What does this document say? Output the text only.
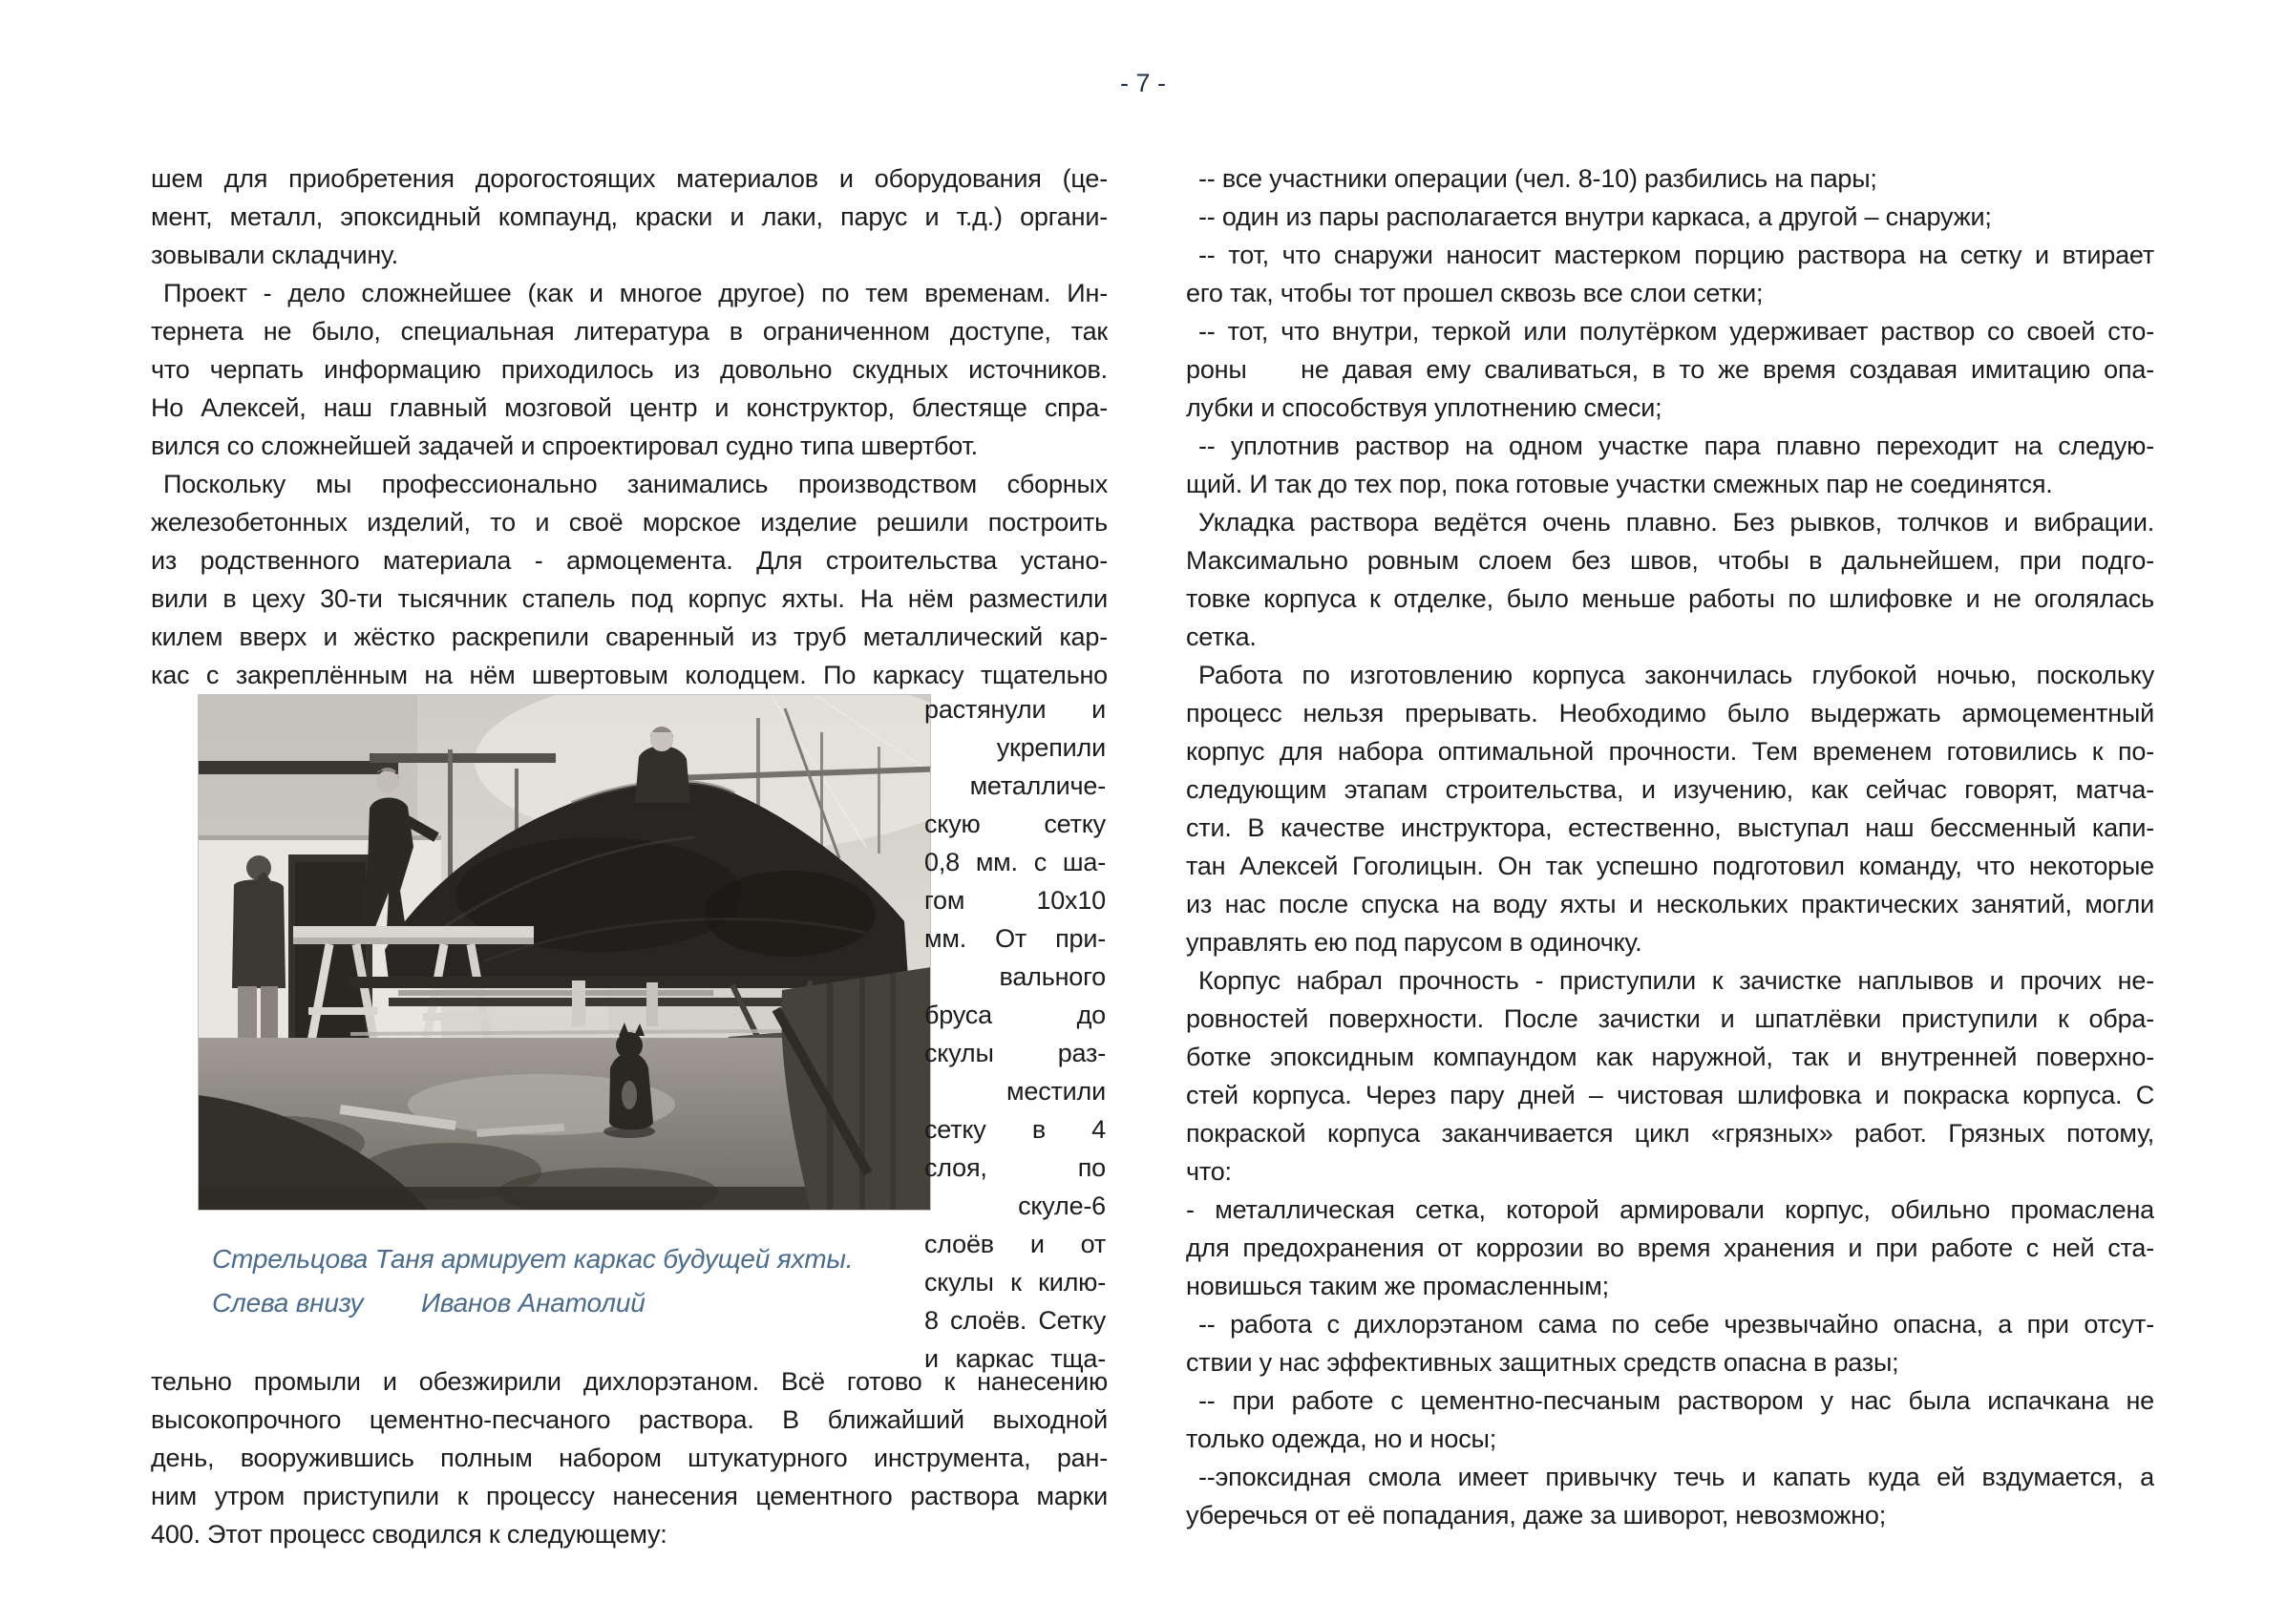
- 7 -
шем для приобретения дорогостоящих материалов и оборудования (це-
мент, металл, эпоксидный компаунд, краски и лаки, парус и т.д.) органи-
зовывали складчину.
Проект - дело сложнейшее (как и многое другое) по тем временам. Ин-
тернета не было, специальная литература в ограниченном доступе, так
что черпать информацию приходилось из довольно скудных источников.
Но Алексей, наш главный мозговой центр и конструктор, блестяще спра-
вился со сложнейшей задачей и спроектировал судно типа швертбот.
Поскольку мы профессионально занимались производством сборных
железобетонных изделий, то и своё морское изделие решили построить
из родственного материала - армоцемента. Для строительства устано-
вили в цеху 30-ти тысячник стапель под корпус яхты. На нём разместили
килем вверх и жёстко раскрепили сваренный из труб металлический кар-
кас с закреплённым на нём швертовым колодцем. По каркасу тщательно
растянули и
укрепили
металличе-
скую сетку
0,8 мм. с ша-
гом 10х10
мм. От при-
вального
бруса до
скулы раз-
местили
сетку в 4
слоя, по
скуле-6
слоёв и от
скулы к килю-
8 слоёв. Сетку
и каркас тща-
Стрельцова Таня армирует каркас будущей яхты.
Слева внизу        Иванов Анатолий
тельно промыли и обезжирили дихлорэтаном. Всё готово к нанесению
высокопрочного цементно-песчаного раствора. В ближайший выходной
день, вооружившись полным набором штукатурного инструмента, ран-
ним утром приступили к процессу нанесения цементного раствора марки
400. Этот процесс сводился к следующему:
-- все участники операции (чел. 8-10) разбились на пары;
-- один из пары располагается внутри каркаса, а другой – снаружи;
-- тот, что снаружи наносит мастерком порцию раствора на сетку и втирает
его так, чтобы тот прошел сквозь все слои сетки;
-- тот, что внутри, теркой или полутёрком удерживает раствор со своей сто-
роны    не давая ему сваливаться, в то же время создавая имитацию опа-
лубки и способствуя уплотнению смеси;
-- уплотнив раствор на одном участке пара плавно переходит на следую-
щий. И так до тех пор, пока готовые участки смежных пар не соединятся.
Укладка раствора ведётся очень плавно. Без рывков, толчков и вибрации.
Максимально ровным слоем без швов, чтобы в дальнейшем, при подго-
товке корпуса к отделке, было меньше работы по шлифовке и не оголялась
сетка.
Работа по изготовлению корпуса закончилась глубокой ночью, поскольку
процесс нельзя прерывать. Необходимо было выдержать армоцементный
корпус для набора оптимальной прочности. Тем временем готовились к по-
следующим этапам строительства, и изучению, как сейчас говорят, матча-
сти. В качестве инструктора, естественно, выступал наш бессменный капи-
тан Алексей Гоголицын. Он так успешно подготовил команду, что некоторые
из нас после спуска на воду яхты и нескольких практических занятий, могли
управлять ею под парусом в одиночку.
Корпус набрал прочность - приступили к зачистке наплывов и прочих не-
ровностей поверхности. После зачистки и шпатлёвки приступили к обра-
ботке эпоксидным компаундом как наружной, так и внутренней поверхно-
стей корпуса. Через пару дней – чистовая шлифовка и покраска корпуса. С
покраской корпуса заканчивается цикл «грязных» работ. Грязных потому,
что:
- металлическая сетка, которой армировали корпус, обильно промаслена
для предохранения от коррозии во время хранения и при работе с ней ста-
новишься таким же промасленным;
-- работа с дихлорэтаном сама по себе чрезвычайно опасна, а при отсут-
ствии у нас эффективных защитных средств опасна в разы;
-- при работе с цементно-песчаным раствором у нас была испачкана не
только одежда, но и носы;
--эпоксидная смола имеет привычку течь и капать куда ей вздумается, а
уберечься от её попадания, даже за шиворот, невозможно;
